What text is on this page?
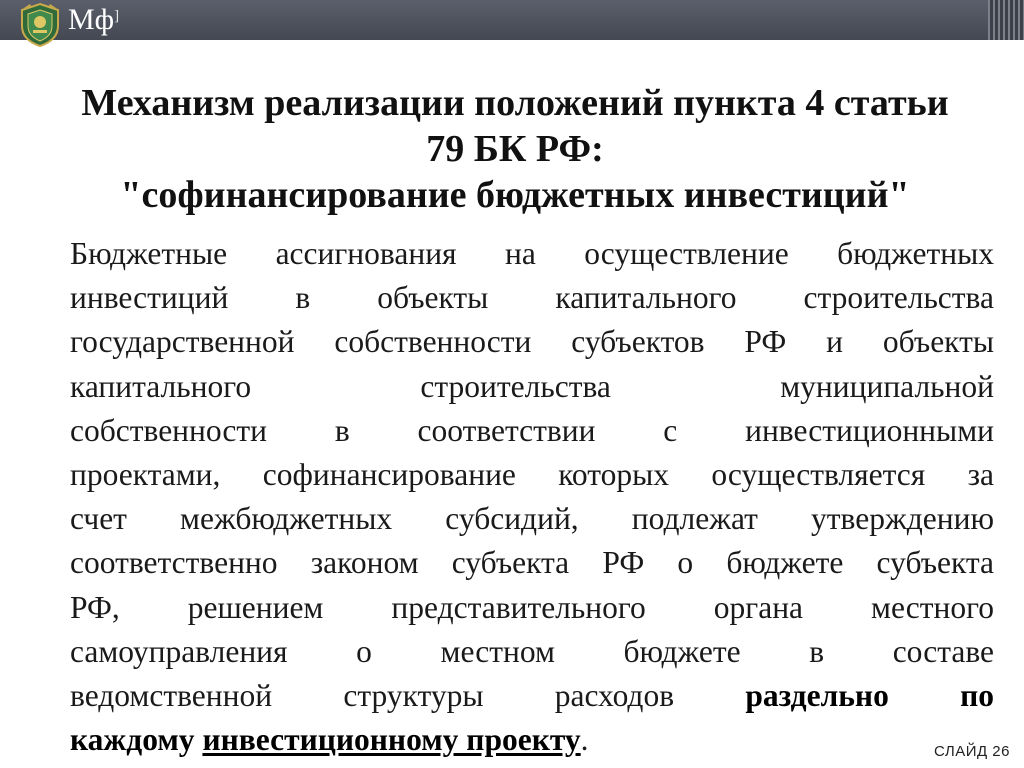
Мф]
Механизм реализации положений пункта 4 статьи
79 БК РФ:
"софинансирование бюджетных инвестиций"
Бюджетные ассигнования на осуществление бюджетных
инвестиций в объекты капитального строительства
государственной собственности субъектов РФ и объекты
капитального строительства муниципальной
собственности в соответствии с инвестиционными
проектами, софинансирование которых осуществляется за
счет межбюджетных субсидий, подлежат утверждению
соответственно законом субъекта РФ о бюджете субъекта
РФ, решением представительного органа местного
самоуправления о местном бюджете в составе
ведомственной структуры расходов раздельно по
каждому инвестиционному проекту.	СЛАЙД 26
